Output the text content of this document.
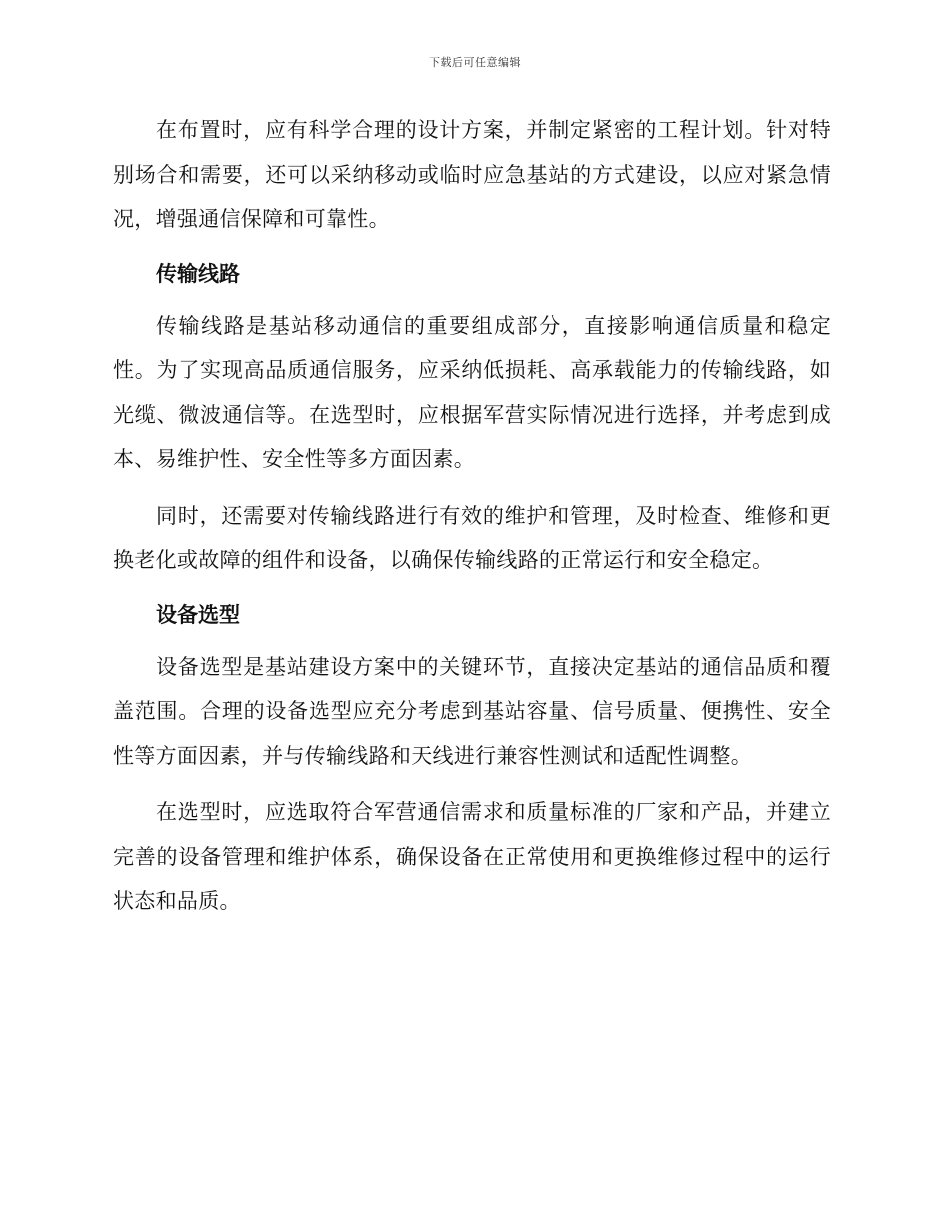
下载后可任意编辑

在布置时，应有科学合理的设计方案，并制定紧密的工程计划。针对特别场合和需要，还可以采纳移动或临时应急基站的方式建设，以应对紧急情况，增强通信保障和可靠性。

传输线路

传输线路是基站移动通信的重要组成部分，直接影响通信质量和稳定性。为了实现高品质通信服务，应采纳低损耗、高承载能力的传输线路，如光缆、微波通信等。在选型时，应根据军营实际情况进行选择，并考虑到成本、易维护性、安全性等多方面因素。

同时，还需要对传输线路进行有效的维护和管理，及时检查、维修和更换老化或故障的组件和设备，以确保传输线路的正常运行和安全稳定。

设备选型

设备选型是基站建设方案中的关键环节，直接决定基站的通信品质和覆盖范围。合理的设备选型应充分考虑到基站容量、信号质量、便携性、安全性等方面因素，并与传输线路和天线进行兼容性测试和适配性调整。

在选型时，应选取符合军营通信需求和质量标准的厂家和产品，并建立完善的设备管理和维护体系，确保设备在正常使用和更换维修过程中的运行状态和品质。
